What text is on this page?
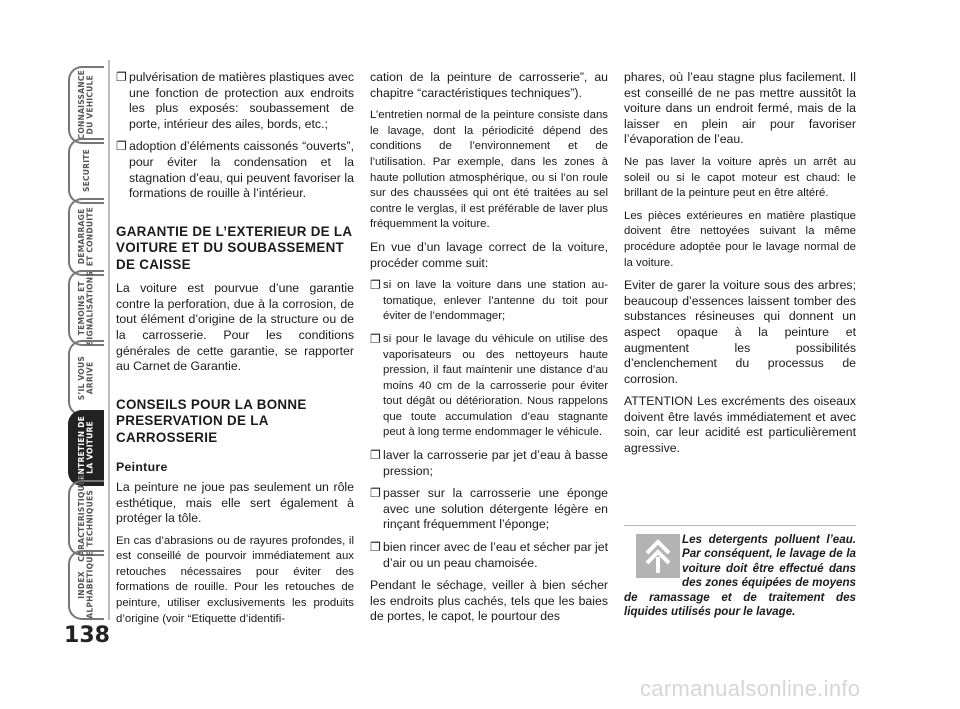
CONNAISSANCE
DU VEHICULE
SECURITE
DEMARRAGE
ET CONDUITE
TEMOINS ET
SIGNALISATIONS
S’IL VOUS
ARRIVE
ENTRETIEN DE
LA VOITURE
CARACTERISTIQUES
TECHNIQUES
INDEX
ALPHABETIQUE
138
❐ pulvérisation de matières plastiques avec une fonction de protection aux endroits les plus exposés: soubassement de porte, intérieur des ailes, bords, etc.;
❐ adoption d’éléments caissonés “ouverts”, pour éviter la condensation et la stagnation d’eau, qui peuvent favoriser la formations de rouille à l’intérieur.
GARANTIE DE L’EXTERIEUR DE LA VOITURE ET DU SOUBASSEMENT DE CAISSE

La voiture est pourvue d’une garantie contre la perforation, due à la corrosion, de tout élément d’origine de la structure ou de la carrosserie. Pour les conditions générales de cette garantie, se rapporter au Carnet de Garantie.

CONSEILS POUR LA BONNE PRESERVATION DE LA CARROSSERIE
Peinture

La peinture ne joue pas seulement un rôle esthétique, mais elle sert également à protéger la tôle.

En cas d’abrasions ou de rayures profondes, il est conseillé de pourvoir immédiatement aux retouches nécessaires pour éviter des formations de rouille. Pour les retouches de peinture, utiliser exclusivements les produits d’origine (voir “Etiquette d’identifi-

cation de la peinture de carrosserie”, au chapitre “caractéristiques techniques”).

L’entretien normal de la peinture consiste dans le lavage, dont la périodicité dépend des conditions de l’environnement et de l’utilisation. Par exemple, dans les zones à haute pollution atmosphérique, ou si l’on roule sur des chaussées qui ont été traitées au sel contre le verglas, il est préférable de laver plus fréquemment la voiture.

En vue d’un lavage correct de la voiture, procéder comme suit:

❐ si on lave la voiture dans une station au-tomatique, enlever l’antenne du toit pour éviter de l’endommager;
❐ si pour le lavage du véhicule on utilise des vaporisateurs ou des nettoyeurs haute pression, il faut maintenir une distance d’au moins 40 cm de la carrosserie pour éviter tout dégât ou détérioration. Nous rappelons que toute accumulation d’eau stagnante peut à long terme endommager le véhicule.
❐ laver la carrosserie par jet d’eau à basse pression;
❐ passer sur la carrosserie une éponge avec une solution détergente légère en rinçant fréquemment l’éponge;
❐ bien rincer avec de l’eau et sécher par jet d’air ou un peau chamoisée.

Pendant le séchage, veiller à bien sécher les endroits plus cachés, tels que les baies de portes, le capot, le pourtour des

phares, où l’eau stagne plus facilement. Il est conseillé de ne pas mettre aussitôt la voiture dans un endroit fermé, mais de la laisser en plein air pour favoriser l’évaporation de l’eau.

Ne pas laver la voiture après un arrêt au soleil ou si le capot moteur est chaud: le brillant de la peinture peut en être altéré.

Les pièces extérieures en matière plastique doivent être nettoyées suivant la même procédure adoptée pour le lavage normal de la voiture.

Eviter de garer la voiture sous des arbres; beaucoup d’essences laissent tomber des substances résineuses qui donnent un aspect opaque à la peinture et augmentent les possibilités d’enclenchement du processus de corrosion.

ATTENTION Les excréments des oiseaux doivent être lavés immédiatement et avec soin, car leur acidité est particulièrement agressive.

Les detergents polluent l’eau. Par conséquent, le lavage de la voiture doit être effectué dans des zones équipées de moyens de ramassage et de traitement des liquides utilisés pour le lavage.
carmanualsonline.info
